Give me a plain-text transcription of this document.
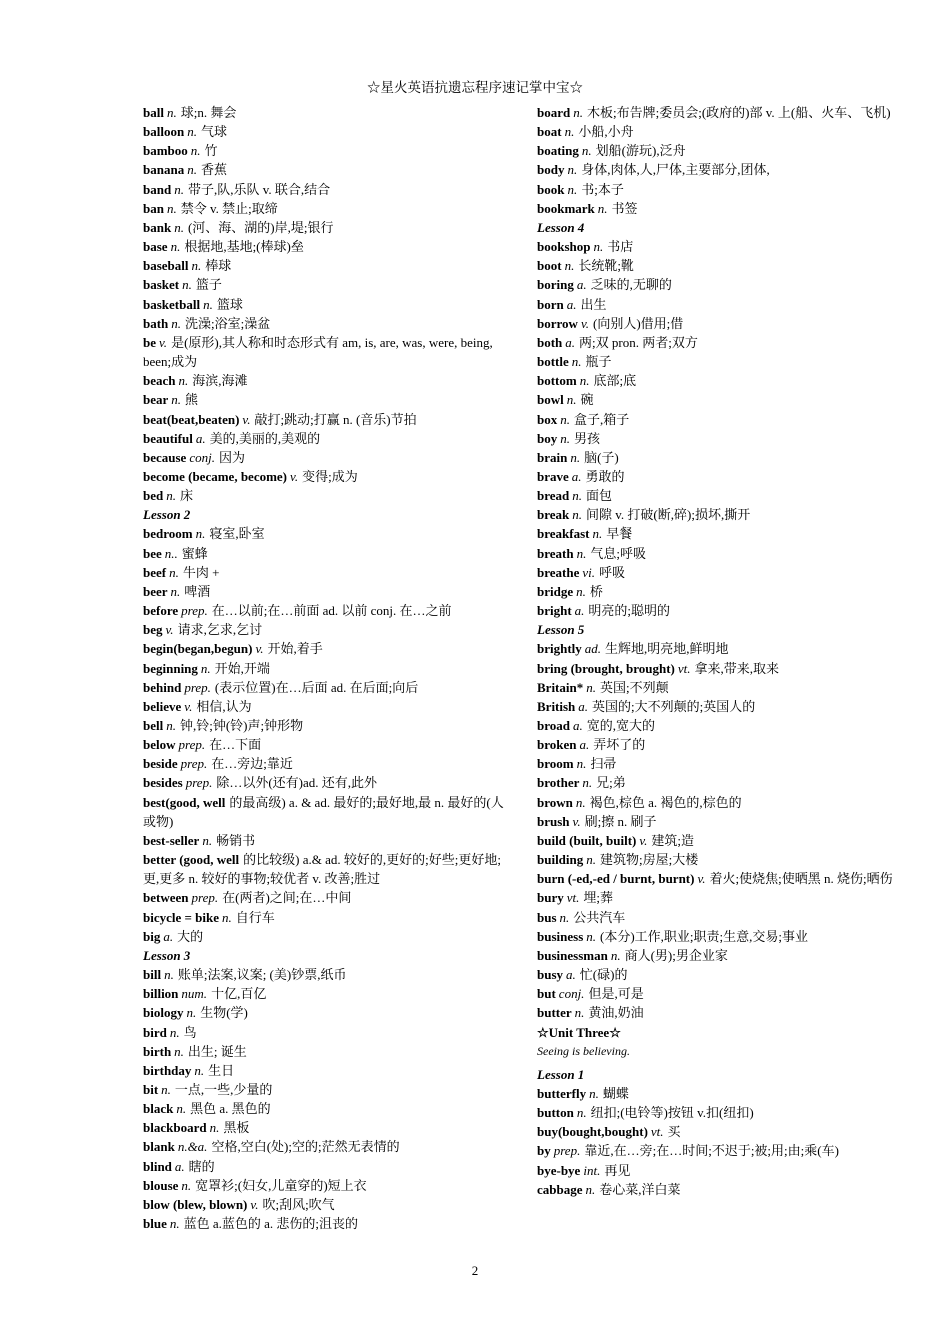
☆星火英语抗遗忘程序速记掌中宝☆
ball n. 球;n. 舞会
balloon n. 气球
bamboo n. 竹
banana n. 香蕉
band n. 带子,队,乐队 v. 联合,结合
ban n. 禁令 v. 禁止;取缔
bank n. (河、海、湖的)岸,堤;银行
base n. 根据地,基地;(棒球)垒
baseball n. 棒球
basket n. 篮子
basketball n. 篮球
bath n. 洗澡;浴室;澡盆
be v. 是(原形),其人称和时态形式有 am, is, are, was, were, being, been;成为
beach n. 海滨,海滩
bear n. 熊
beat(beat,beaten) v. 敲打;跳动;打赢 n. (音乐)节拍
beautiful a. 美的,美丽的,美观的
because conj. 因为
become (became, become) v. 变得;成为
bed n. 床
Lesson 2
bedroom n. 寝室,卧室
bee n.. 蜜蜂
beef n. 牛肉 +
beer n. 啤酒
before prep. 在…以前;在…前面 ad. 以前 conj. 在…之前
beg v. 请求,乞求,乞讨
begin(began,begun) v. 开始,着手
beginning n. 开始,开端
behind prep. (表示位置)在…后面 ad. 在后面;向后
believe v. 相信,认为
bell n. 钟,铃;钟(铃)声;钟形物
below prep. 在…下面
beside prep. 在…旁边;靠近
besides prep. 除…以外(还有)ad. 还有,此外
best(good, well 的最高级) a. & ad. 最好的;最好地,最 n. 最好的(人或物)
best-seller n. 畅销书
better (good, well 的比较级) a.& ad. 较好的,更好的;好些;更好地;更,更多 n. 较好的事物;较优者 v. 改善;胜过
between prep. 在(两者)之间;在…中间
bicycle = bike n. 自行车
big a. 大的
Lesson 3
bill n. 账单;法案,议案; (美)钞票,纸币
billion num. 十亿,百亿
biology n. 生物(学)
bird n. 鸟
birth n. 出生; 诞生
birthday n. 生日
bit n. 一点,一些,少量的
black n. 黑色 a. 黑色的
blackboard n. 黑板
blank n.&a. 空格,空白(处);空的;茫然无表情的
blind a. 瞎的
blouse n. 宽罩衫;(妇女,儿童穿的)短上衣
blow (blew, blown) v. 吹;刮风;吹气
blue n. 蓝色 a.蓝色的 a. 悲伤的;沮丧的
board n. 木板;布告牌;委员会;(政府的)部 v. 上(船、火车、飞机)
boat n. 小船,小舟
boating n. 划船(游玩),泛舟
body n. 身体,肉体,人,尸体,主要部分,团体,
book n. 书;本子
bookmark n. 书签
Lesson 4
bookshop n. 书店
boot n. 长统靴;靴
boring a. 乏味的,无聊的
born a. 出生
borrow v. (向别人)借用;借
both a. 两;双 pron. 两者;双方
bottle n. 瓶子
bottom n. 底部;底
bowl n. 碗
box n. 盒子,箱子
boy n. 男孩
brain n. 脑(子)
brave a. 勇敢的
bread n. 面包
break n. 间隙 v. 打破(断,碎);损坏,撕开
breakfast n. 早餐
breath n. 气息;呼吸
breathe vi. 呼吸
bridge n. 桥
bright a. 明亮的;聪明的
Lesson 5
brightly ad. 生辉地,明亮地,鲜明地
bring (brought, brought) vt. 拿来,带来,取来
Britain* n. 英国;不列颠
British a. 英国的;大不列颠的;英国人的
broad a. 宽的,宽大的
broken a. 弄坏了的
broom n. 扫帚
brother n. 兄;弟
brown n. 褐色,棕色 a. 褐色的,棕色的
brush v. 刷;擦 n. 刷子
build (built, built) v. 建筑;造
building n. 建筑物;房屋;大楼
burn (-ed,-ed / burnt, burnt) v. 着火;使烧焦;使晒黑 n. 烧伤;晒伤
bury vt. 埋;葬
bus n. 公共汽车
business n. (本分)工作,职业;职责;生意,交易;事业
businessman n. 商人(男);男企业家
busy a. 忙(碌)的
but conj. 但是,可是
butter n. 黄油,奶油
☆Unit Three☆
Seeing is believing.
Lesson 1
butterfly n. 蝴蝶
button n. 纽扣;(电铃等)按钮 v.扣(纽扣)
buy(bought,bought) vt. 买
by prep. 靠近,在…旁;在…时间;不迟于;被;用;由;乘(车)
bye-bye int. 再见
cabbage n. 卷心菜,洋白菜
2
